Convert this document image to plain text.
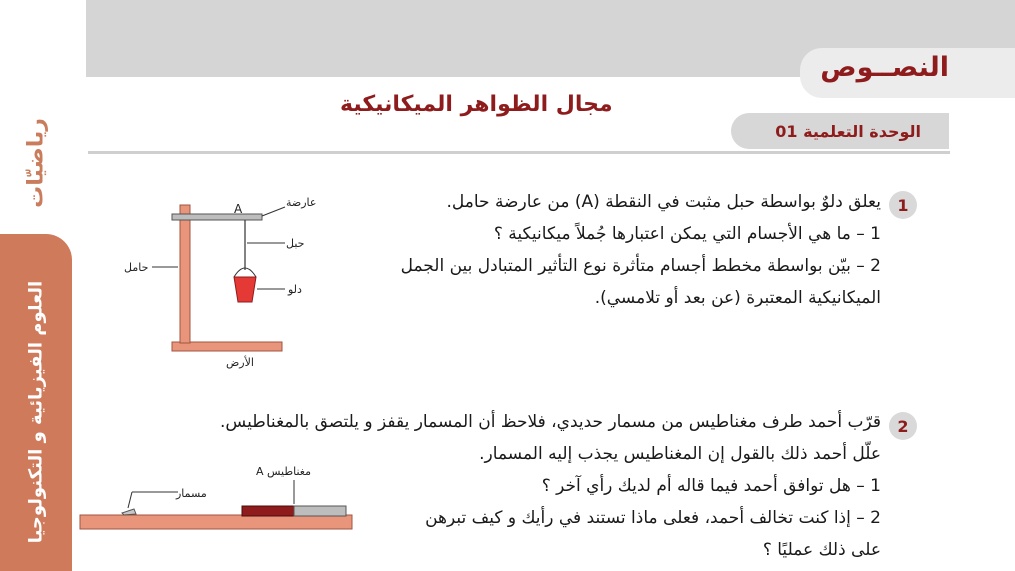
رياضيّات
العلوم الفيزيائية و التكنولوجيا
النصــوص
مجال الظواهر الميكانيكية
الوحدة التعلمية 01
1
يعلق دلوٌ بواسطة حبل مثبت في النقطة (A) من عارضة حامل.
1 – ما هي الأجسام التي يمكن اعتبارها جُملاً ميكانيكية ؟
2 – بيّن بواسطة مخطط أجسام متأثرة نوع التأثير المتبادل بين الجمل
الميكانيكية المعتبرة (عن بعد أو تلامسي).
A	عارضة
حبل
حامل
دلو
الأرض
2
قرّب أحمد طرف مغناطيس من مسمار حديدي، فلاحظ أن المسمار يقفز و يلتصق بالمغناطيس.
علّل أحمد ذلك بالقول إن المغناطيس يجذب إليه المسمار.
1 – هل توافق أحمد فيما قاله أم لديك رأي آخر ؟
2 – إذا كنت تخالف أحمد، فعلى ماذا تستند في رأيك و كيف تبرهن
على ذلك عمليًا ؟
مغناطيس A
مسمار
